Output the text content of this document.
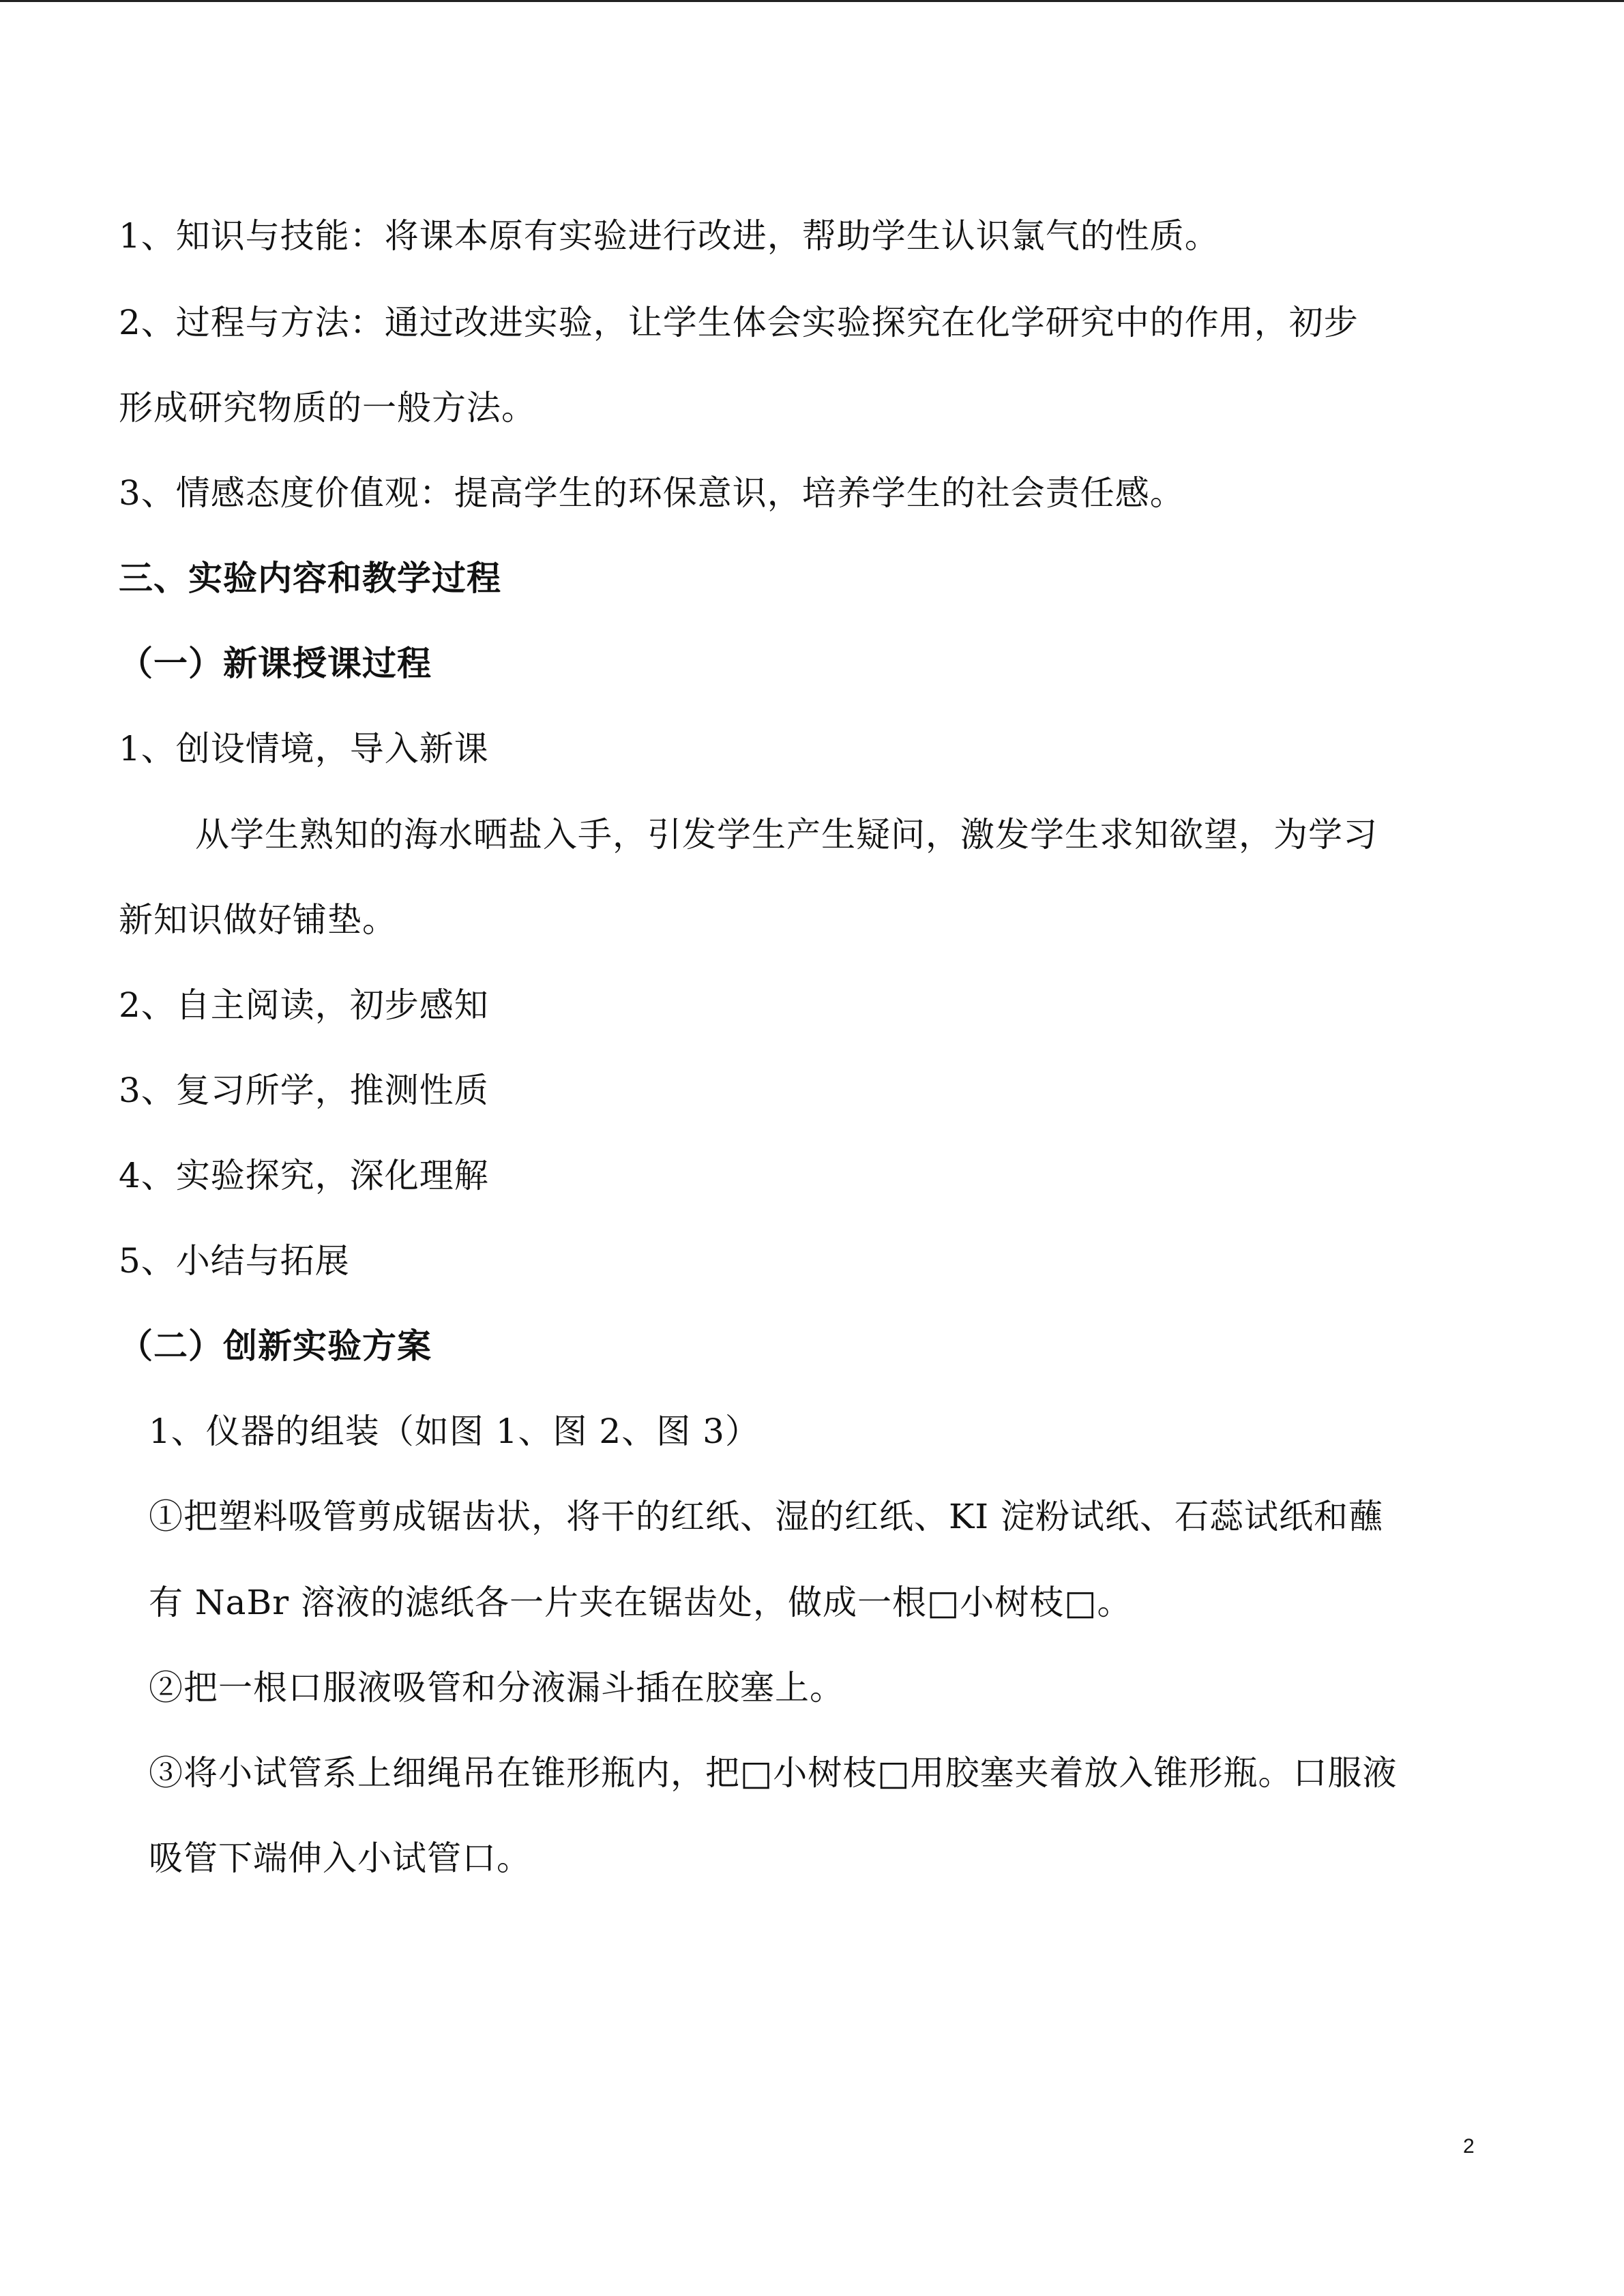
1、知识与技能：将课本原有实验进行改进，帮助学生认识氯气的性质。
2、过程与方法：通过改进实验，让学生体会实验探究在化学研究中的作用，初步
形成研究物质的一般方法。
3、情感态度价值观：提高学生的环保意识，培养学生的社会责任感。
三、实验内容和教学过程
（一）新课授课过程
1、创设情境，导入新课
从学生熟知的海水晒盐入手，引发学生产生疑问，激发学生求知欲望，为学习
新知识做好铺垫。
2、自主阅读，初步感知
3、复习所学，推测性质
4、实验探究，深化理解
5、小结与拓展
（二）创新实验方案
1、仪器的组装（如图 1、图 2、图 3）
①把塑料吸管剪成锯齿状，将干的红纸、湿的红纸、KI 淀粉试纸、石蕊试纸和蘸
有 NaBr 溶液的滤纸各一片夹在锯齿处，做成一根□小树枝□。
②把一根口服液吸管和分液漏斗插在胶塞上。
③将小试管系上细绳吊在锥形瓶内，把□小树枝□用胶塞夹着放入锥形瓶。口服液
吸管下端伸入小试管口。
2
